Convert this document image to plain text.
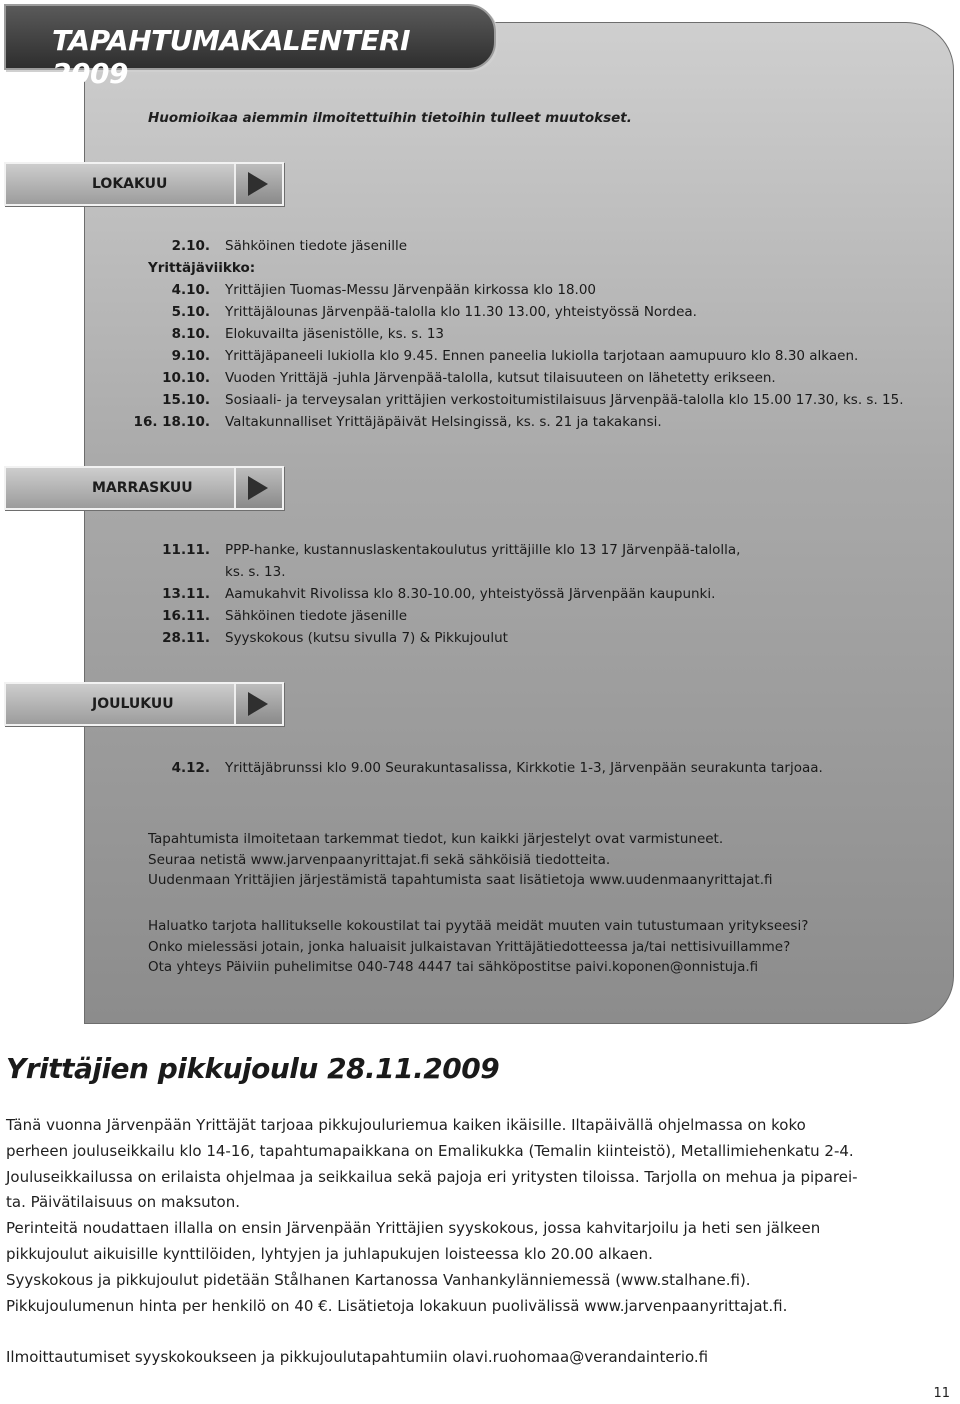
TAPAHTUMAKALENTERI 2009
Huomioikaa aiemmin ilmoitettuihin tietoihin tulleet muutokset.
LOKAKUU
2.10. Sähköinen tiedote jäsenille
Yrittäjäviikko:
4.10. Yrittäjien Tuomas-Messu Järvenpään kirkossa klo 18.00
5.10. Yrittäjälounas Järvenpää-talolla klo 11.30 13.00, yhteistyössä Nordea.
8.10. Elokuvailta jäsenistölle, ks. s. 13
9.10. Yrittäjäpaneeli lukiolla klo 9.45. Ennen paneelia lukiolla tarjotaan aamupuuro klo 8.30 alkaen.
10.10. Vuoden Yrittäjä -juhla Järvenpää-talolla, kutsut tilaisuuteen on lähetetty erikseen.
15.10. Sosiaali- ja terveysalan yrittäjien verkostoitumistilaisuus Järvenpää-talolla klo 15.00 17.30, ks. s. 15.
16. 18.10. Valtakunnalliset Yrittäjäpäivät Helsingissä, ks. s. 21 ja takakansi.
MARRASKUU
11.11. PPP-hanke, kustannuslaskentakoulutus yrittäjille klo 13 17 Järvenpää-talolla,
ks. s. 13.
13.11. Aamukahvit Rivolissa klo 8.30-10.00, yhteistyössä Järvenpään kaupunki.
16.11. Sähköinen tiedote jäsenille
28.11. Syyskokous (kutsu sivulla 7) & Pikkujoulut
JOULUKUU
4.12. Yrittäjäbrunssi klo 9.00 Seurakuntasalissa, Kirkkotie 1-3, Järvenpään seurakunta tarjoaa.
Tapahtumista ilmoitetaan tarkemmat tiedot, kun kaikki järjestelyt ovat varmistuneet.
Seuraa netistä www.jarvenpaanyrittajat.fi sekä sähköisiä tiedotteita.
Uudenmaan Yrittäjien järjestämistä tapahtumista saat lisätietoja www.uudenmaanyrittajat.fi
Haluatko tarjota hallitukselle kokoustilat tai pyytää meidät muuten vain tutustumaan yritykseesi?
Onko mielessäsi jotain, jonka haluaisit julkaistavan Yrittäjätiedotteessa ja/tai nettisivuillamme?
Ota yhteys Päiviin puhelimitse 040-748 4447 tai sähköpostitse paivi.koponen@onnistuja.fi
Yrittäjien pikkujoulu 28.11.2009

Tänä vuonna Järvenpään Yrittäjät tarjoaa pikkujouluriemua kaiken ikäisille. Iltapäivällä ohjelmassa on koko

perheen jouluseikkailu klo 14-16, tapahtumapaikkana on Emalikukka (Temalin kiinteistö), Metallimiehenkatu 2-4.

Jouluseikkailussa on erilaista ohjelmaa ja seikkailua sekä pajoja eri yritysten tiloissa. Tarjolla on mehua ja piparei-

ta. Päivätilaisuus on maksuton.

Perinteitä noudattaen illalla on ensin Järvenpään Yrittäjien syyskokous, jossa kahvitarjoilu ja heti sen jälkeen

pikkujoulut aikuisille kynttilöiden, lyhtyjen ja juhlapukujen loisteessa klo 20.00 alkaen.

Syyskokous ja pikkujoulut pidetään Stålhanen Kartanossa Vanhankylänniemessä (www.stalhane.fi).

Pikkujoulumenun hinta per henkilö on 40 €. Lisätietoja lokakuun puolivälissä www.jarvenpaanyrittajat.fi.

Ilmoittautumiset syyskokoukseen ja pikkujoulutapahtumiin olavi.ruohomaa@verandainterio.fi
11
